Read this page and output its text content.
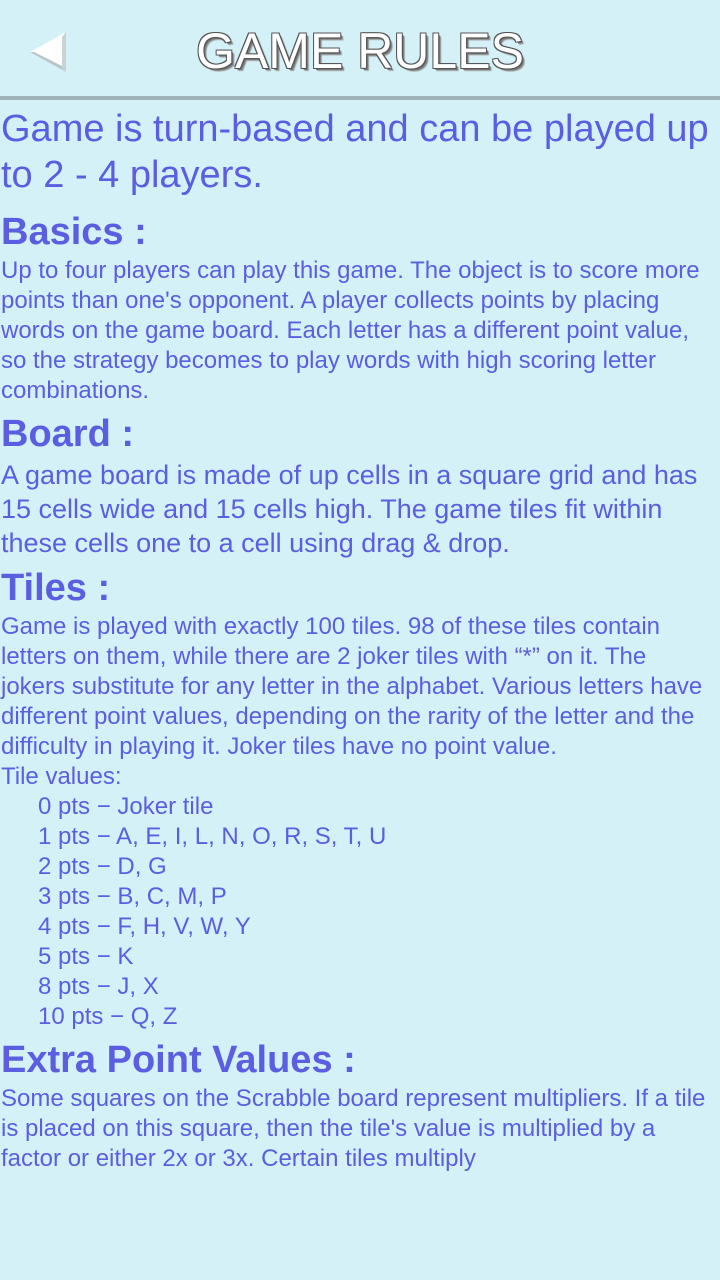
GAME RULES

Game is turn-based and can be played up to 2 - 4 players.

Basics :

Up to four players can play this game. The object is to score more points than one's opponent. A player collects points by placing words on the game board. Each letter has a different point value, so the strategy becomes to play words with high scoring letter combinations.

Board :

A game board is made of up cells in a square grid and has 15 cells wide and 15 cells high. The game tiles fit within these cells one to a cell using drag & drop.

Tiles :

Game is played with exactly 100 tiles. 98 of these tiles contain letters on them, while there are 2 joker tiles with “*” on it. The jokers substitute for any letter in the alphabet. Various letters have different point values, depending on the rarity of the letter and the difficulty in playing it. Joker tiles have no point value.

Tile values:

0 pts − Joker tile
1 pts − A, E, I, L, N, O, R, S, T, U
2 pts − D, G
3 pts − B, C, M, P
4 pts − F, H, V, W, Y
5 pts − K
8 pts − J, X
10 pts − Q, Z
Extra Point Values :

Some squares on the Scrabble board represent multipliers. If a tile is placed on this square, then the tile's value is multiplied by a factor or either 2x or 3x. Certain tiles multiply
